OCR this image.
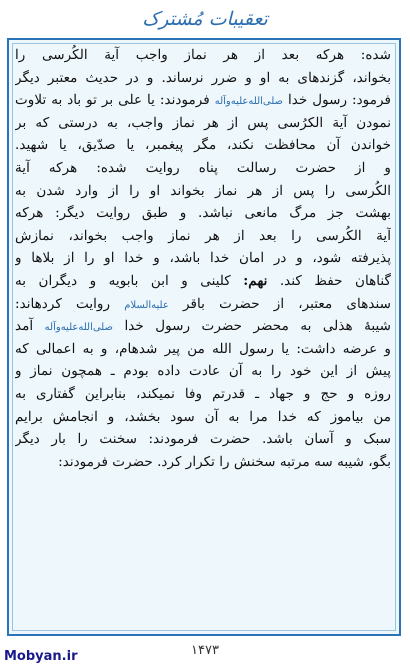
تعقیبات مُشترک
شده: هرکه بعد از هر نماز واجب آیة الکُرسی را
بخواند، گزندهای به او و ضرر نرساند. و در حدیث معتبر دیگر
فرمود: رسول خدا صلی‌الله‌علیه‌وآله فرمودند: یا علی بر تو باد به تلاوت
نمودن آیة الکرُسی پس از هر نماز واجب، به درستی که بر
خواندن آن محافظت نکند، مگر پیغمبر، یا صدّیق، یا شهید.
و از حضرت رسالت پناه روایت شده: هرکه آیة
الکُرسی را پس از هر نماز بخواند او را از وارد شدن به
بهشت جز مرگ مانعی نباشد. و طبق روایت دیگر: هرکه
آیة الکُرسی را بعد از هر نماز واجب بخواند، نمازش
پذیرفته شود، و در امان خدا باشد، و خدا او را از بلاها و
گناهان حفظ کند. نهم: کلینی و ابن بابویه و دیگران به
سندهای معتبر، از حضرت باقر علیه‌السلام روایت کردهاند:
شیبهٔ هذلی به محضر حضرت رسول خدا صلی‌الله‌علیه‌وآله آمد
و عرضه داشت: یا رسول الله من پیر شدهام، و به اعمالی که
پیش از این خود را به آن عادت داده بودم ـ همچون نماز و
روزه و حج و جهاد ـ قدرتم وفا نمیکند، بنابراین گفتاری به
من بیاموز که خدا مرا به آن سود بخشد، و انجامش برایم
سبک و آسان باشد. حضرت فرمودند: سخنت را بار دیگر
بگو، شیبه سه مرتبه سخنش را تکرار کرد. حضرت فرمودند:
Mobyan.ir	۱۴۷۳
